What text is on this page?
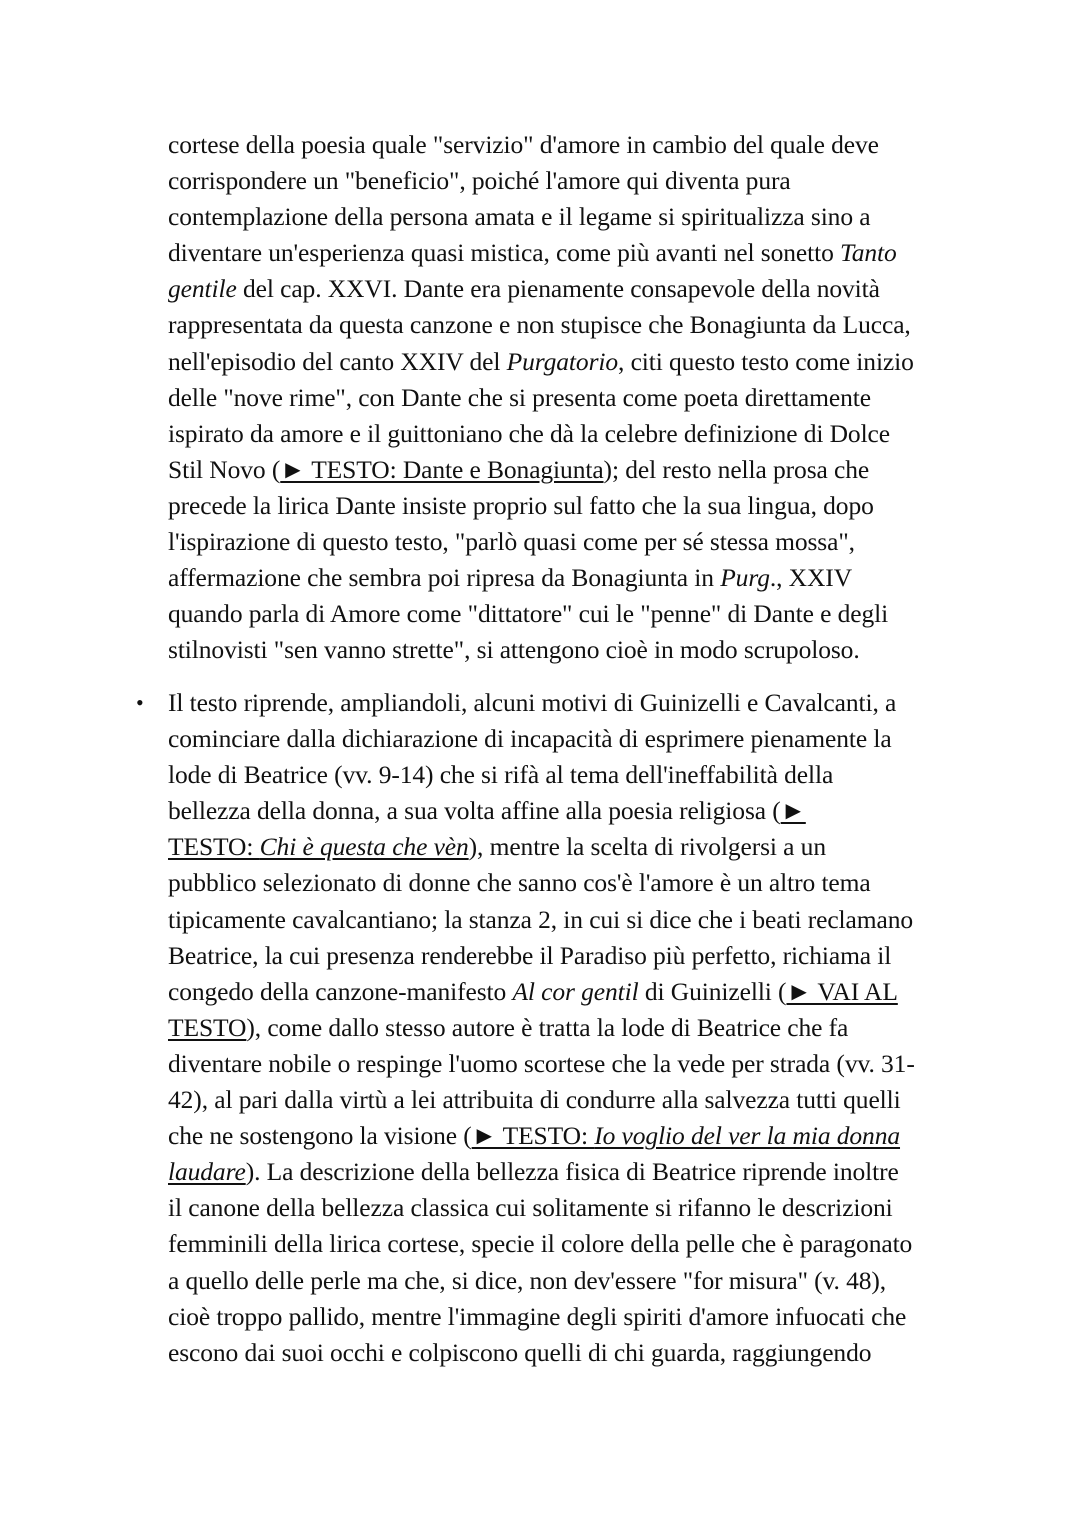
cortese della poesia quale "servizio" d'amore in cambio del quale deve
corrispondere un "beneficio", poiché l'amore qui diventa pura
contemplazione della persona amata e il legame si spiritualizza sino a
diventare un'esperienza quasi mistica, come più avanti nel sonetto Tanto
gentile del cap. XXVI. Dante era pienamente consapevole della novità
rappresentata da questa canzone e non stupisce che Bonagiunta da Lucca,
nell'episodio del canto XXIV del Purgatorio, citi questo testo come inizio
delle "nove rime", con Dante che si presenta come poeta direttamente
ispirato da amore e il guittoniano che dà la celebre definizione di Dolce
Stil Novo (► TESTO: Dante e Bonagiunta); del resto nella prosa che
precede la lirica Dante insiste proprio sul fatto che la sua lingua, dopo
l'ispirazione di questo testo, "parlò quasi come per sé stessa mossa",
affermazione che sembra poi ripresa da Bonagiunta in Purg., XXIV
quando parla di Amore come "dittatore" cui le "penne" di Dante e degli
stilnovisti "sen vanno strette", si attengono cioè in modo scrupoloso.
• Il testo riprende, ampliandoli, alcuni motivi di Guinizelli e Cavalcanti, a
cominciare dalla dichiarazione di incapacità di esprimere pienamente la
lode di Beatrice (vv. 9-14) che si rifà al tema dell'ineffabilità della
bellezza della donna, a sua volta affine alla poesia religiosa (►
TESTO: Chi è questa che vèn), mentre la scelta di rivolgersi a un
pubblico selezionato di donne che sanno cos'è l'amore è un altro tema
tipicamente cavalcantiano; la stanza 2, in cui si dice che i beati reclamano
Beatrice, la cui presenza renderebbe il Paradiso più perfetto, richiama il
congedo della canzone-manifesto Al cor gentil di Guinizelli (► VAI AL
TESTO), come dallo stesso autore è tratta la lode di Beatrice che fa
diventare nobile o respinge l'uomo scortese che la vede per strada (vv. 31-
42), al pari dalla virtù a lei attribuita di condurre alla salvezza tutti quelli
che ne sostengono la visione (► TESTO: Io voglio del ver la mia donna
laudare). La descrizione della bellezza fisica di Beatrice riprende inoltre
il canone della bellezza classica cui solitamente si rifanno le descrizioni
femminili della lirica cortese, specie il colore della pelle che è paragonato
a quello delle perle ma che, si dice, non dev'essere "for misura" (v. 48),
cioè troppo pallido, mentre l'immagine degli spiriti d'amore infuocati che
escono dai suoi occhi e colpiscono quelli di chi guarda, raggiungendo
